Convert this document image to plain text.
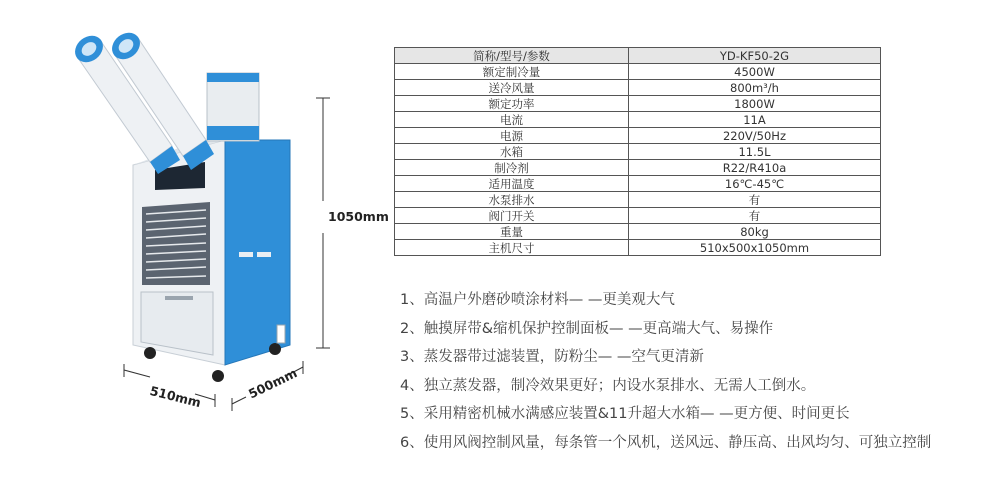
1050mm
510mm	500mm
简称/型号/参数	YD-KF50-2G
额定制冷量	4500W
送冷风量	800m³/h
额定功率	1800W
电流	11A
电源	220V/50Hz
水箱	11.5L
制冷剂	R22/R410a
适用温度	16℃-45℃
水泵排水	有
阀门开关	有
重量	80kg
主机尺寸	510x500x1050mm
1、高温户外磨砂喷涂材料— —更美观大气
2、触摸屏带&缩机保护控制面板— —更高端大气、易操作
3、蒸发器带过滤装置，防粉尘— —空气更清新
4、独立蒸发器，制冷效果更好；内设水泵排水、无需人工倒水。
5、采用精密机械水满感应装置&11升超大水箱— —更方便、时间更长
6、使用风阀控制风量，每条管一个风机，送风远、静压高、出风均匀、可独立控制
